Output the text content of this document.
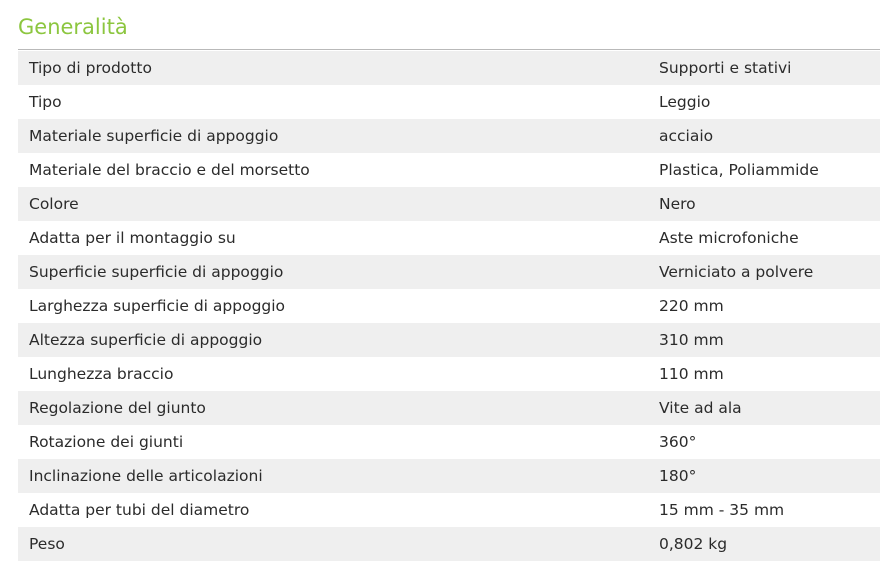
Generalità
Tipo di prodotto	Supporti e stativi
Tipo	Leggio
Materiale superficie di appoggio	acciaio
Materiale del braccio e del morsetto	Plastica, Poliammide
Colore	Nero
Adatta per il montaggio su	Aste microfoniche
Superficie superficie di appoggio	Verniciato a polvere
Larghezza superficie di appoggio	220 mm
Altezza superficie di appoggio	310 mm
Lunghezza braccio	110 mm
Regolazione del giunto	Vite ad ala
Rotazione dei giunti	360°
Inclinazione delle articolazioni	180°
Adatta per tubi del diametro	15 mm - 35 mm
Peso	0,802 kg
